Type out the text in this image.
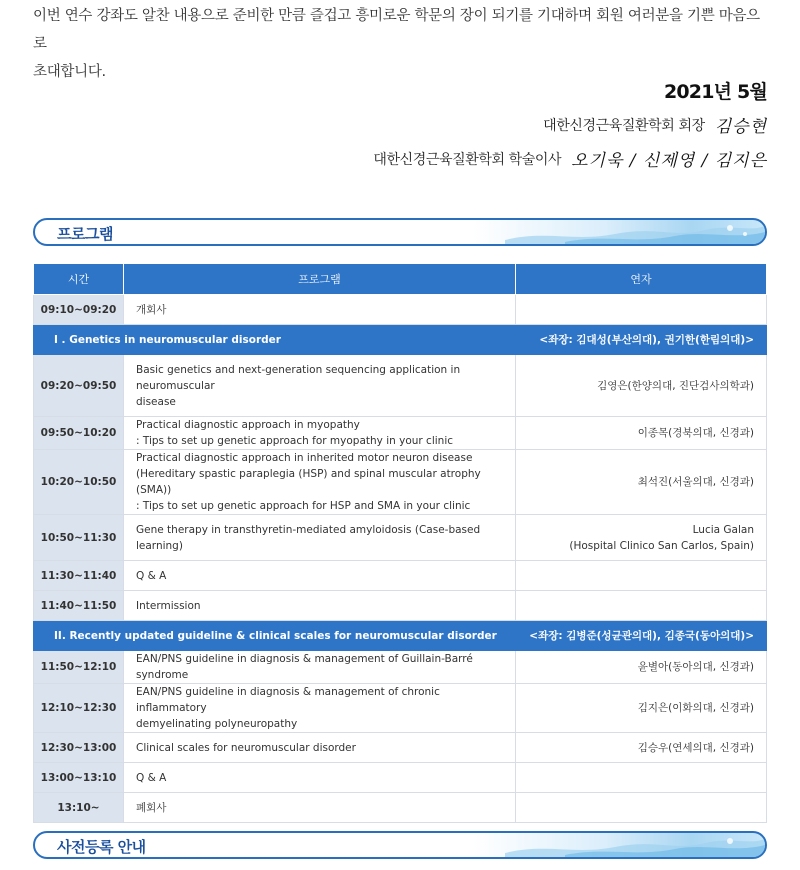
이번 연수 강좌도 알찬 내용으로 준비한 만큼 즐겁고 흥미로운 학문의 장이 되기를 기대하며 회원 여러분을 기쁜 마음으로
초대합니다.
2021년 5월
대한신경근육질환학회 회장 김승현
대한신경근육질환학회 학술이사 오기욱 / 신제영 / 김지은
프로그램
시간	프로그램	연자
09:10~09:20	개회사	

I . Genetics in neuromuscular disorder		<좌장: 김대성(부산의대), 권기한(한림의대)>
09:20~09:50	Basic genetics and next-generation sequencing application in neuromuscular
disease	김영은(한양의대, 진단검사의학과)

09:50~10:20	Practical diagnostic approach in myopathy
: Tips to set up genetic approach for myopathy in your clinic	이종목(경북의대, 신경과)

10:20~10:50	Practical diagnostic approach in inherited motor neuron disease
(Hereditary spastic paraplegia (HSP) and spinal muscular atrophy (SMA))
: Tips to set up genetic approach for HSP and SMA in your clinic	최석진(서울의대, 신경과)

10:50~11:30	Gene therapy in transthyretin-mediated amyloidosis (Case-based learning)	Lucia Galan
(Hospital Clinico San Carlos, Spain)

11:30~11:40	Q & A	

11:40~11:50	Intermission	

II. Recently updated guideline & clinical scales for neuromuscular disorder		<좌장: 김병준(성균관의대), 김종국(동아의대)>
11:50~12:10	EAN/PNS guideline in diagnosis & management of Guillain-Barré syndrome	윤별아(동아의대, 신경과)

12:10~12:30	EAN/PNS guideline in diagnosis & management of chronic inflammatory
demyelinating polyneuropathy	김지은(이화의대, 신경과)

12:30~13:00	Clinical scales for neuromuscular disorder	김승우(연세의대, 신경과)

13:00~13:10	Q & A	

13:10~	폐회사	

사전등록 안내
